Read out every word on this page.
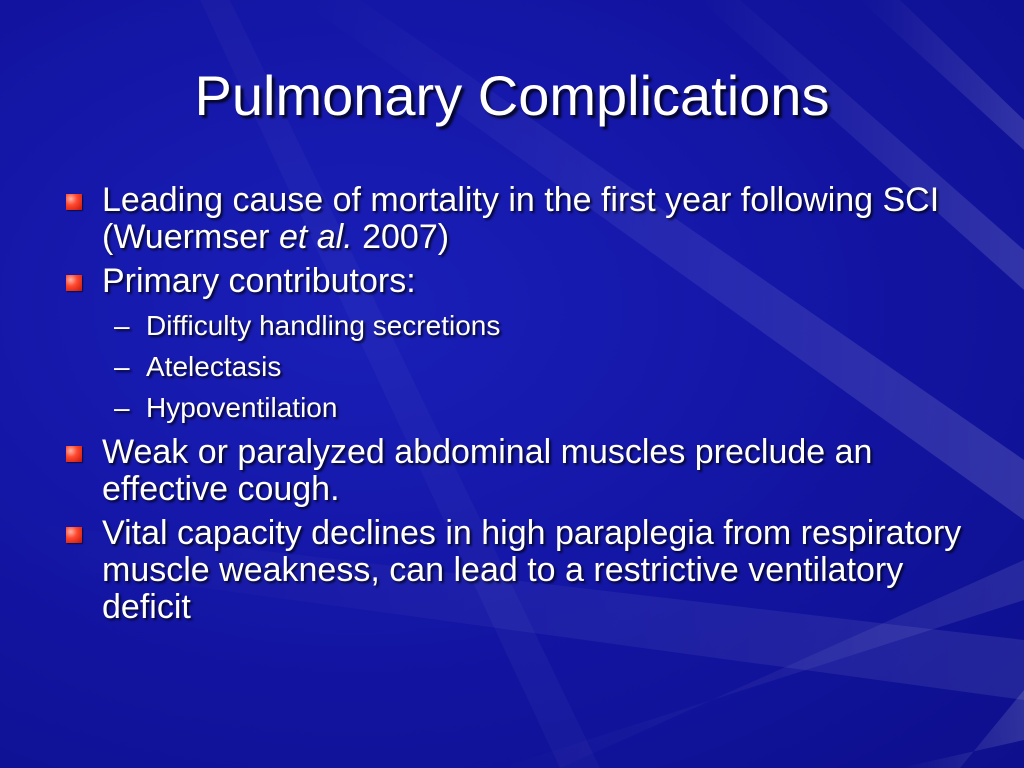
Pulmonary Complications
Leading cause of mortality in the first year following SCI (Wuermser et al. 2007)
Primary contributors:
– Difficulty handling secretions
– Atelectasis
– Hypoventilation
Weak or paralyzed abdominal muscles preclude an effective cough.
Vital capacity declines in high paraplegia from respiratory muscle weakness, can lead to a restrictive ventilatory deficit
